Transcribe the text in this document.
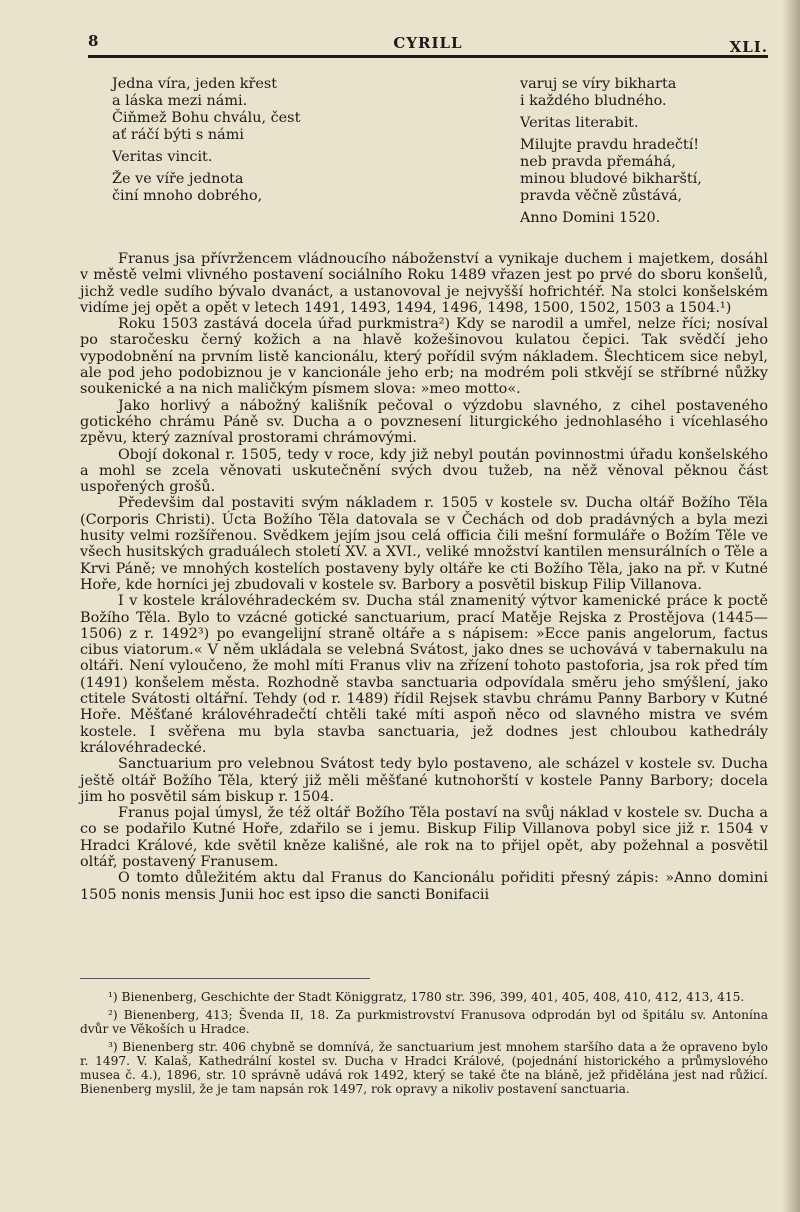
8	CYRILL	XLI.
Jedna víra, jeden křest
a láska mezi námi.
Čiňmež Bohu chválu, čest
ať ráčí býti s námi
Veritas vincit.
Že ve víře jednota
činí mnoho dobrého,
varuj se víry bikharta
i každého bludného.
Veritas literabit.
Milujte pravdu hradečtí!
neb pravda přemáhá,
minou bludové bikharští,
pravda věčně zůstává,
Anno Domini 1520.

Franus jsa přívržencem vládnoucího náboženství a vynikaje duchem i majetkem, dosáhl v městě velmi vlivného postavení sociálního Roku 1489 vřazen jest po prvé do sboru konšelů, jichž vedle sudího bývalo dvanáct, a ustanovoval je nejvyšší hofrichtéř. Na stolci konšelském vidíme jej opět a opět v letech 1491, 1493, 1494, 1496, 1498, 1500, 1502, 1503 a 1504.¹)

Roku 1503 zastává docela úřad purkmistra²) Kdy se narodil a umřel, nelze říci; nosíval po staročesku černý kožich a na hlavě kožešinovou kulatou čepici. Tak svědčí jeho vypodobnění na prvním listě kancionálu, který pořídil svým nákladem. Šlechticem sice nebyl, ale pod jeho podobiznou je v kancionále jeho erb; na modrém poli stkvějí se stříbrné nůžky soukenické a na nich maličkým písmem slova: »meo motto«.

Jako horlivý a nábožný kališník pečoval o výzdobu slavného, z cihel postaveného gotického chrámu Páně sv. Ducha a o povznesení liturgického jednohlasého i vícehlasého zpěvu, který zazníval prostorami chrámovými.

Obojí dokonal r. 1505, tedy v roce, kdy již nebyl poután povinnostmi úřadu konšelského a mohl se zcela věnovati uskutečnění svých dvou tužeb, na něž věnoval pěknou část uspořených grošů.

Předevšim dal postaviti svým nákladem r. 1505 v kostele sv. Ducha oltář Božího Těla (Corporis Christi). Úcta Božího Těla datovala se v Čechách od dob pradávných a byla mezi husity velmi rozšířenou. Svědkem jejím jsou celá officia čili mešní formuláře o Božím Těle ve všech husitských graduálech století XV. a XVI., veliké množství kantilen mensurálních o Těle a Krvi Páně; ve mnohých kostelích postaveny byly oltáře ke cti Božího Těla, jako na př. v Kutné Hoře, kde horníci jej zbudovali v kostele sv. Barbory a posvětil biskup Filip Villanova.

I v kostele královéhradeckém sv. Ducha stál znamenitý výtvor kamenické práce k poctě Božího Těla. Bylo to vzácné gotické sanctuarium, prací Matěje Rejska z Prostějova (1445—1506) z r. 1492³) po evangelijní straně oltáře a s nápisem: »Ecce panis angelorum, factus cibus viatorum.« V něm ukládala se velebná Svátost, jako dnes se uchovává v tabernakulu na oltáři. Není vyloučeno, že mohl míti Franus vliv na zřízení tohoto pastoforia, jsa rok před tím (1491) konšelem města. Rozhodně stavba sanctuaria odpovídala směru jeho smýšlení, jako ctitele Svátosti oltářní. Tehdy (od r. 1489) řídil Rejsek stavbu chrámu Panny Barbory v Kutné Hoře. Měšťané královéhradečtí chtěli také míti aspoň něco od slavného mistra ve svém kostele. I svěřena mu byla stavba sanctuaria, jež dodnes jest chloubou kathedrály královéhradecké.

Sanctuarium pro velebnou Svátost tedy bylo postaveno, ale scházel v kostele sv. Ducha ještě oltář Božího Těla, který již měli měšťané kutnohorští v kostele Panny Barbory; docela jim ho posvětil sám biskup r. 1504.

Franus pojal úmysl, že též oltář Božího Těla postaví na svůj náklad v kostele sv. Ducha a co se podařilo Kutné Hoře, zdařilo se i jemu. Biskup Filip Villanova pobyl sice již r. 1504 v Hradci Králové, kde světil kněze kališné, ale rok na to přijel opět, aby požehnal a posvětil oltář, postavený Franusem.

O tomto důležitém aktu dal Franus do Kancionálu pořiditi přesný zápis: »Anno domini 1505 nonis mensis Junii hoc est ipso die sancti Bonifacii

¹) Bienenberg, Geschichte der Stadt Königgratz, 1780 str. 396, 399, 401, 405, 408, 410, 412, 413, 415.

²) Bienenberg, 413; Švenda II, 18. Za purkmistrovství Franusova odprodán byl od špitálu sv. Antonína dvůr ve Věkoších u Hradce.

³) Bienenberg str. 406 chybně se domnívá, že sanctuarium jest mnohem staršího data a že opraveno bylo r. 1497. V. Kalaš, Kathedrální kostel sv. Ducha v Hradci Králové, (pojednání historického a průmyslového musea č. 4.), 1896, str. 10 správně udává rok 1492, který se také čte na bláně, jež přidělána jest nad růžicí. Bienenberg myslil, že je tam napsán rok 1497, rok opravy a nikoliv postavení sanctuaria.
